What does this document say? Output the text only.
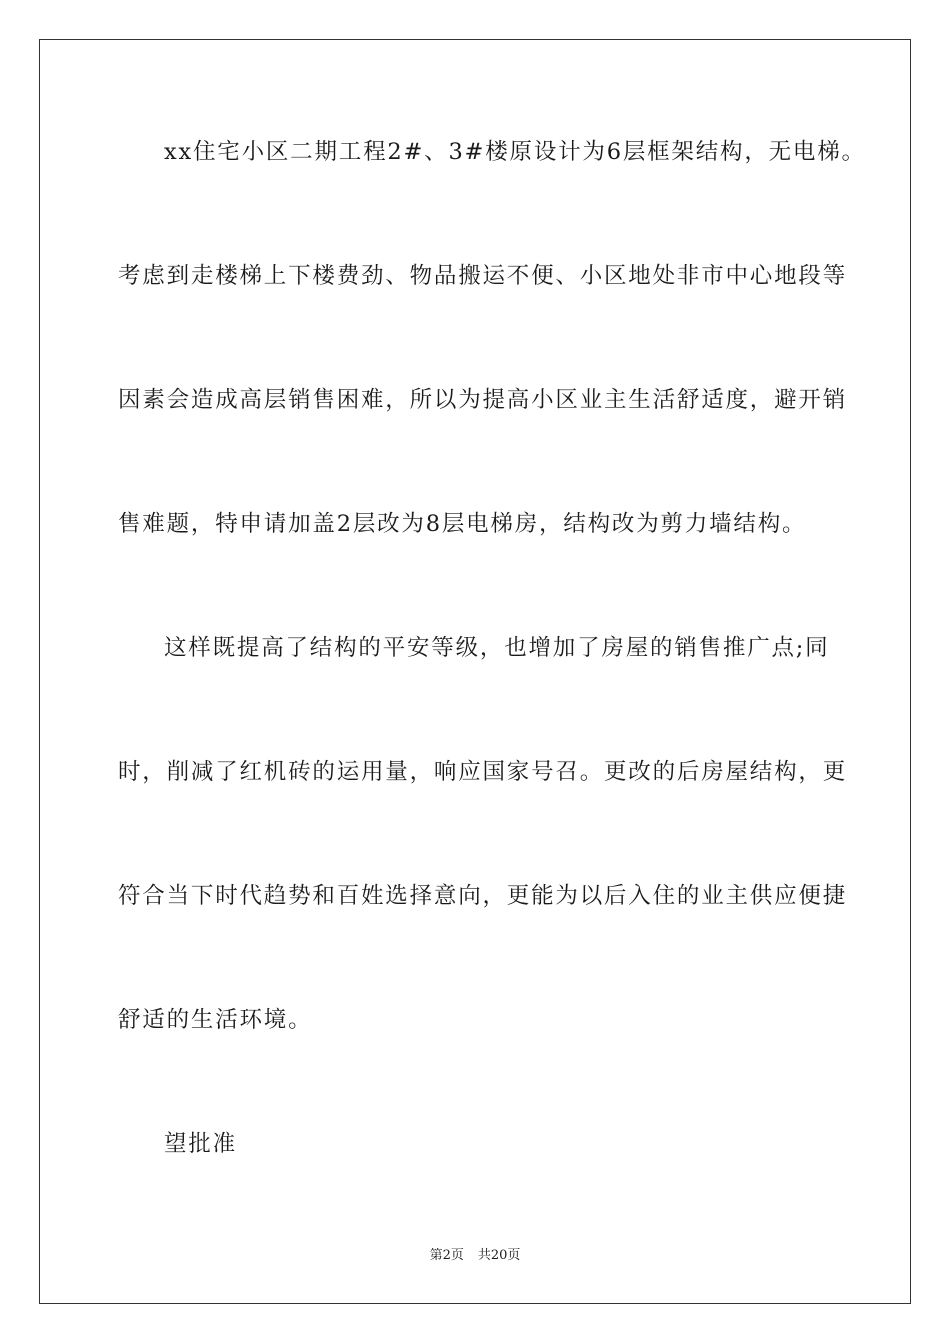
xx住宅小区二期工程2#、3#楼原设计为6层框架结构，无电梯。
考虑到走楼梯上下楼费劲、物品搬运不便、小区地处非市中心地段等
因素会造成高层销售困难，所以为提高小区业主生活舒适度，避开销
售难题，特申请加盖2层改为8层电梯房，结构改为剪力墙结构。
这样既提高了结构的平安等级，也增加了房屋的销售推广点;同
时，削减了红机砖的运用量，响应国家号召。更改的后房屋结构，更
符合当下时代趋势和百姓选择意向，更能为以后入住的业主供应便捷
舒适的生活环境。
望批准
第2页 共20页
